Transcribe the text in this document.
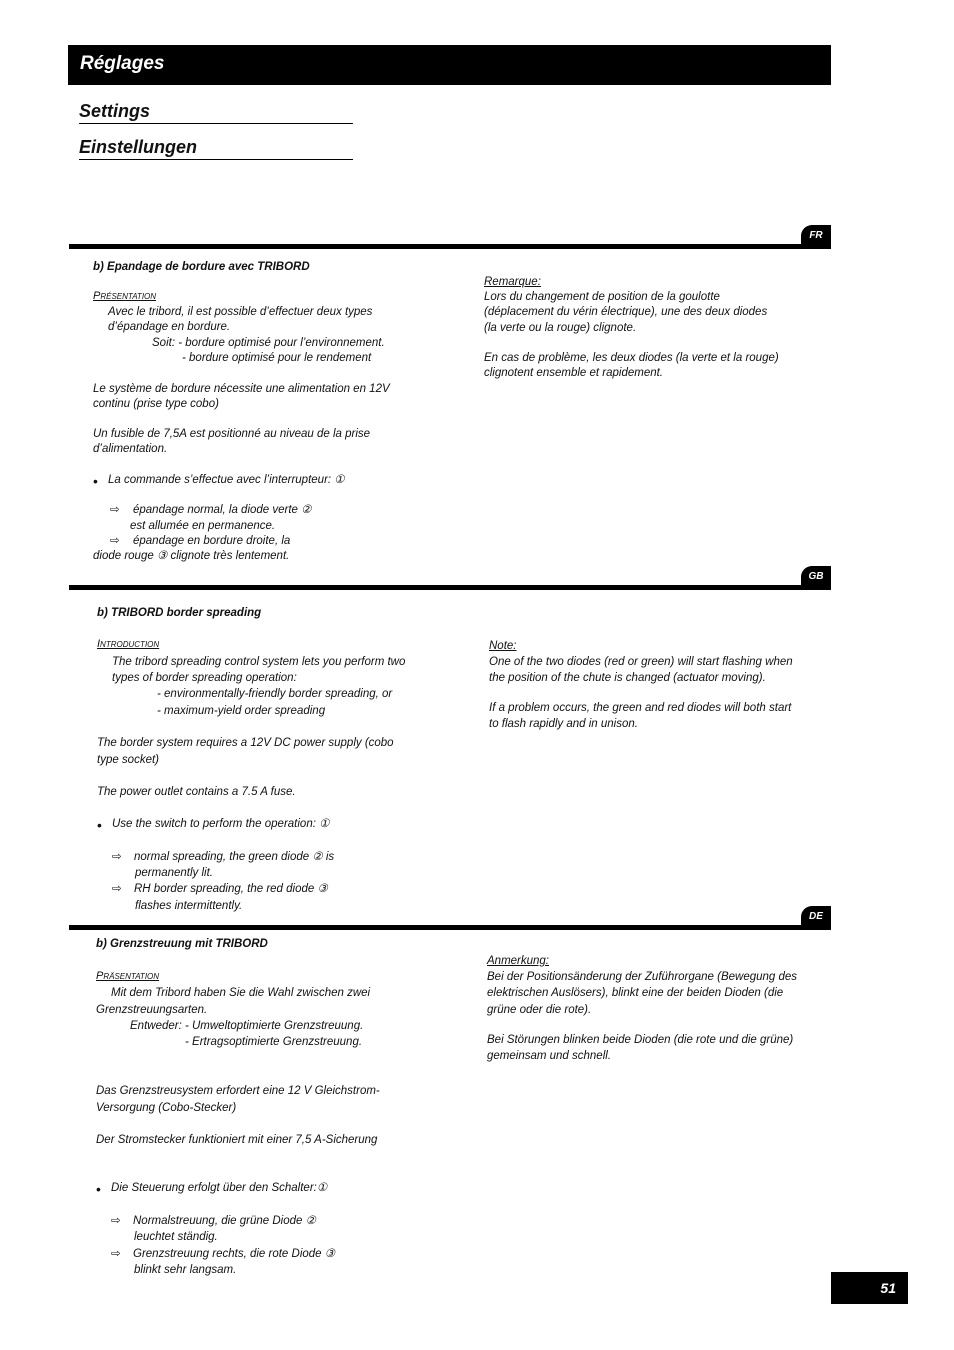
Réglages
Settings
Einstellungen
FR
b) Epandage de bordure avec TRIBORD
Présentation
Avec le tribord, il est possible d’effectuer deux types
d’épandage en bordure.
Soit: - bordure optimisé pour l’environnement.
- bordure optimisé pour le rendement
Le système de bordure nécessite une alimentation en 12V
continu (prise type cobo)
Un fusible de 7,5A est positionné au niveau de la prise
d’alimentation.
• La commande s’effectue avec l’interrupteur: ①
⇨ épandage normal, la diode verte ②
est allumée en permanence.
⇨ épandage en bordure droite, la
diode rouge ③ clignote très lentement.
Remarque:
Lors du changement de position de la goulotte
(déplacement du vérin électrique), une des deux diodes
(la verte ou la rouge) clignote.
En cas de problème, les deux diodes (la verte et la rouge)
clignotent ensemble et rapidement.
GB
b) TRIBORD border spreading
Introduction
The tribord spreading control system lets you perform two
types of border spreading operation:
- environmentally-friendly border spreading, or
- maximum-yield order spreading
The border system requires a 12V DC power supply (cobo
type socket)
The power outlet contains a 7.5 A fuse.
• Use the switch to perform the operation: ①
⇨ normal spreading, the green diode ② is
permanently lit.
⇨ RH border spreading, the red diode ③
flashes intermittently.
Note:
One of the two diodes (red or green) will start flashing when
the position of the chute is changed (actuator moving).
If a problem occurs, the green and red diodes will both start
to flash rapidly and in unison.
DE
b) Grenzstreuung mit TRIBORD
Präsentation
Mit dem Tribord haben Sie die Wahl zwischen zwei
Grenzstreuungsarten.
Entweder: - Umweltoptimierte Grenzstreuung.
- Ertragsoptimierte Grenzstreuung.
Das Grenzstreusystem erfordert eine 12 V Gleichstrom-
Versorgung (Cobo-Stecker)
Der Stromstecker funktioniert mit einer 7,5 A-Sicherung
• Die Steuerung erfolgt über den Schalter:①
⇨ Normalstreuung, die grüne Diode ②
leuchtet ständig.
⇨ Grenzstreuung rechts, die rote Diode ③
blinkt sehr langsam.
Anmerkung:
Bei der Positionsänderung der Zuführorgane (Bewegung des
elektrischen Auslösers), blinkt eine der beiden Dioden (die
grüne oder die rote).
Bei Störungen blinken beide Dioden (die rote und die grüne)
gemeinsam und schnell.
51
